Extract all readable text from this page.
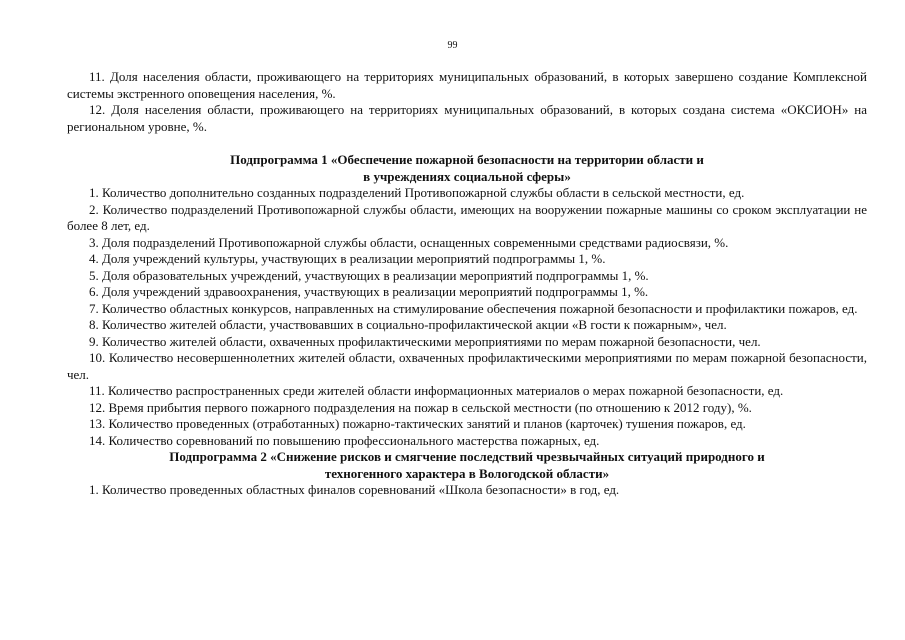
99

11. Доля населения области, проживающего на территориях муниципальных образований, в которых завершено создание Комплексной системы экстренного оповещения населения, %.

12. Доля населения области, проживающего на территориях муниципальных образований, в которых создана система «ОКСИОН» на региональном уровне, %.

Подпрограмма 1 «Обеспечение пожарной безопасности на территории области и
в учреждениях социальной сферы»

1. Количество дополнительно созданных подразделений Противопожарной службы области в сельской местности, ед.

2. Количество подразделений Противопожарной службы области, имеющих на вооружении пожарные машины со сроком эксплуатации не более 8 лет, ед.

3. Доля подразделений Противопожарной службы области, оснащенных современными средствами радиосвязи, %.

4. Доля учреждений культуры, участвующих в реализации мероприятий подпрограммы 1, %.

5. Доля образовательных учреждений, участвующих в реализации мероприятий подпрограммы 1, %.

6. Доля учреждений здравоохранения, участвующих в реализации мероприятий подпрограммы 1, %.

7. Количество областных конкурсов, направленных на стимулирование обеспечения пожарной безопасности и профилактики пожаров, ед.

8. Количество жителей области, участвовавших в социально-профилактической акции «В гости к пожарным», чел.

9. Количество жителей области, охваченных профилактическими мероприятиями по мерам пожарной безопасности, чел.

10. Количество несовершеннолетних жителей области, охваченных профилактическими мероприятиями по мерам пожарной безопасности, чел.

11. Количество распространенных среди жителей области информационных материалов о мерах пожарной безопасности, ед.

12. Время прибытия первого пожарного подразделения на пожар в сельской местности (по отношению к 2012 году), %.

13. Количество проведенных (отработанных) пожарно-тактических занятий и планов (карточек) тушения пожаров, ед.

14. Количество соревнований по повышению профессионального мастерства пожарных, ед.

Подпрограмма 2 «Снижение рисков и смягчение последствий чрезвычайных ситуаций природного и
техногенного характера в Вологодской области»

1. Количество проведенных областных финалов соревнований «Школа безопасности» в год, ед.
